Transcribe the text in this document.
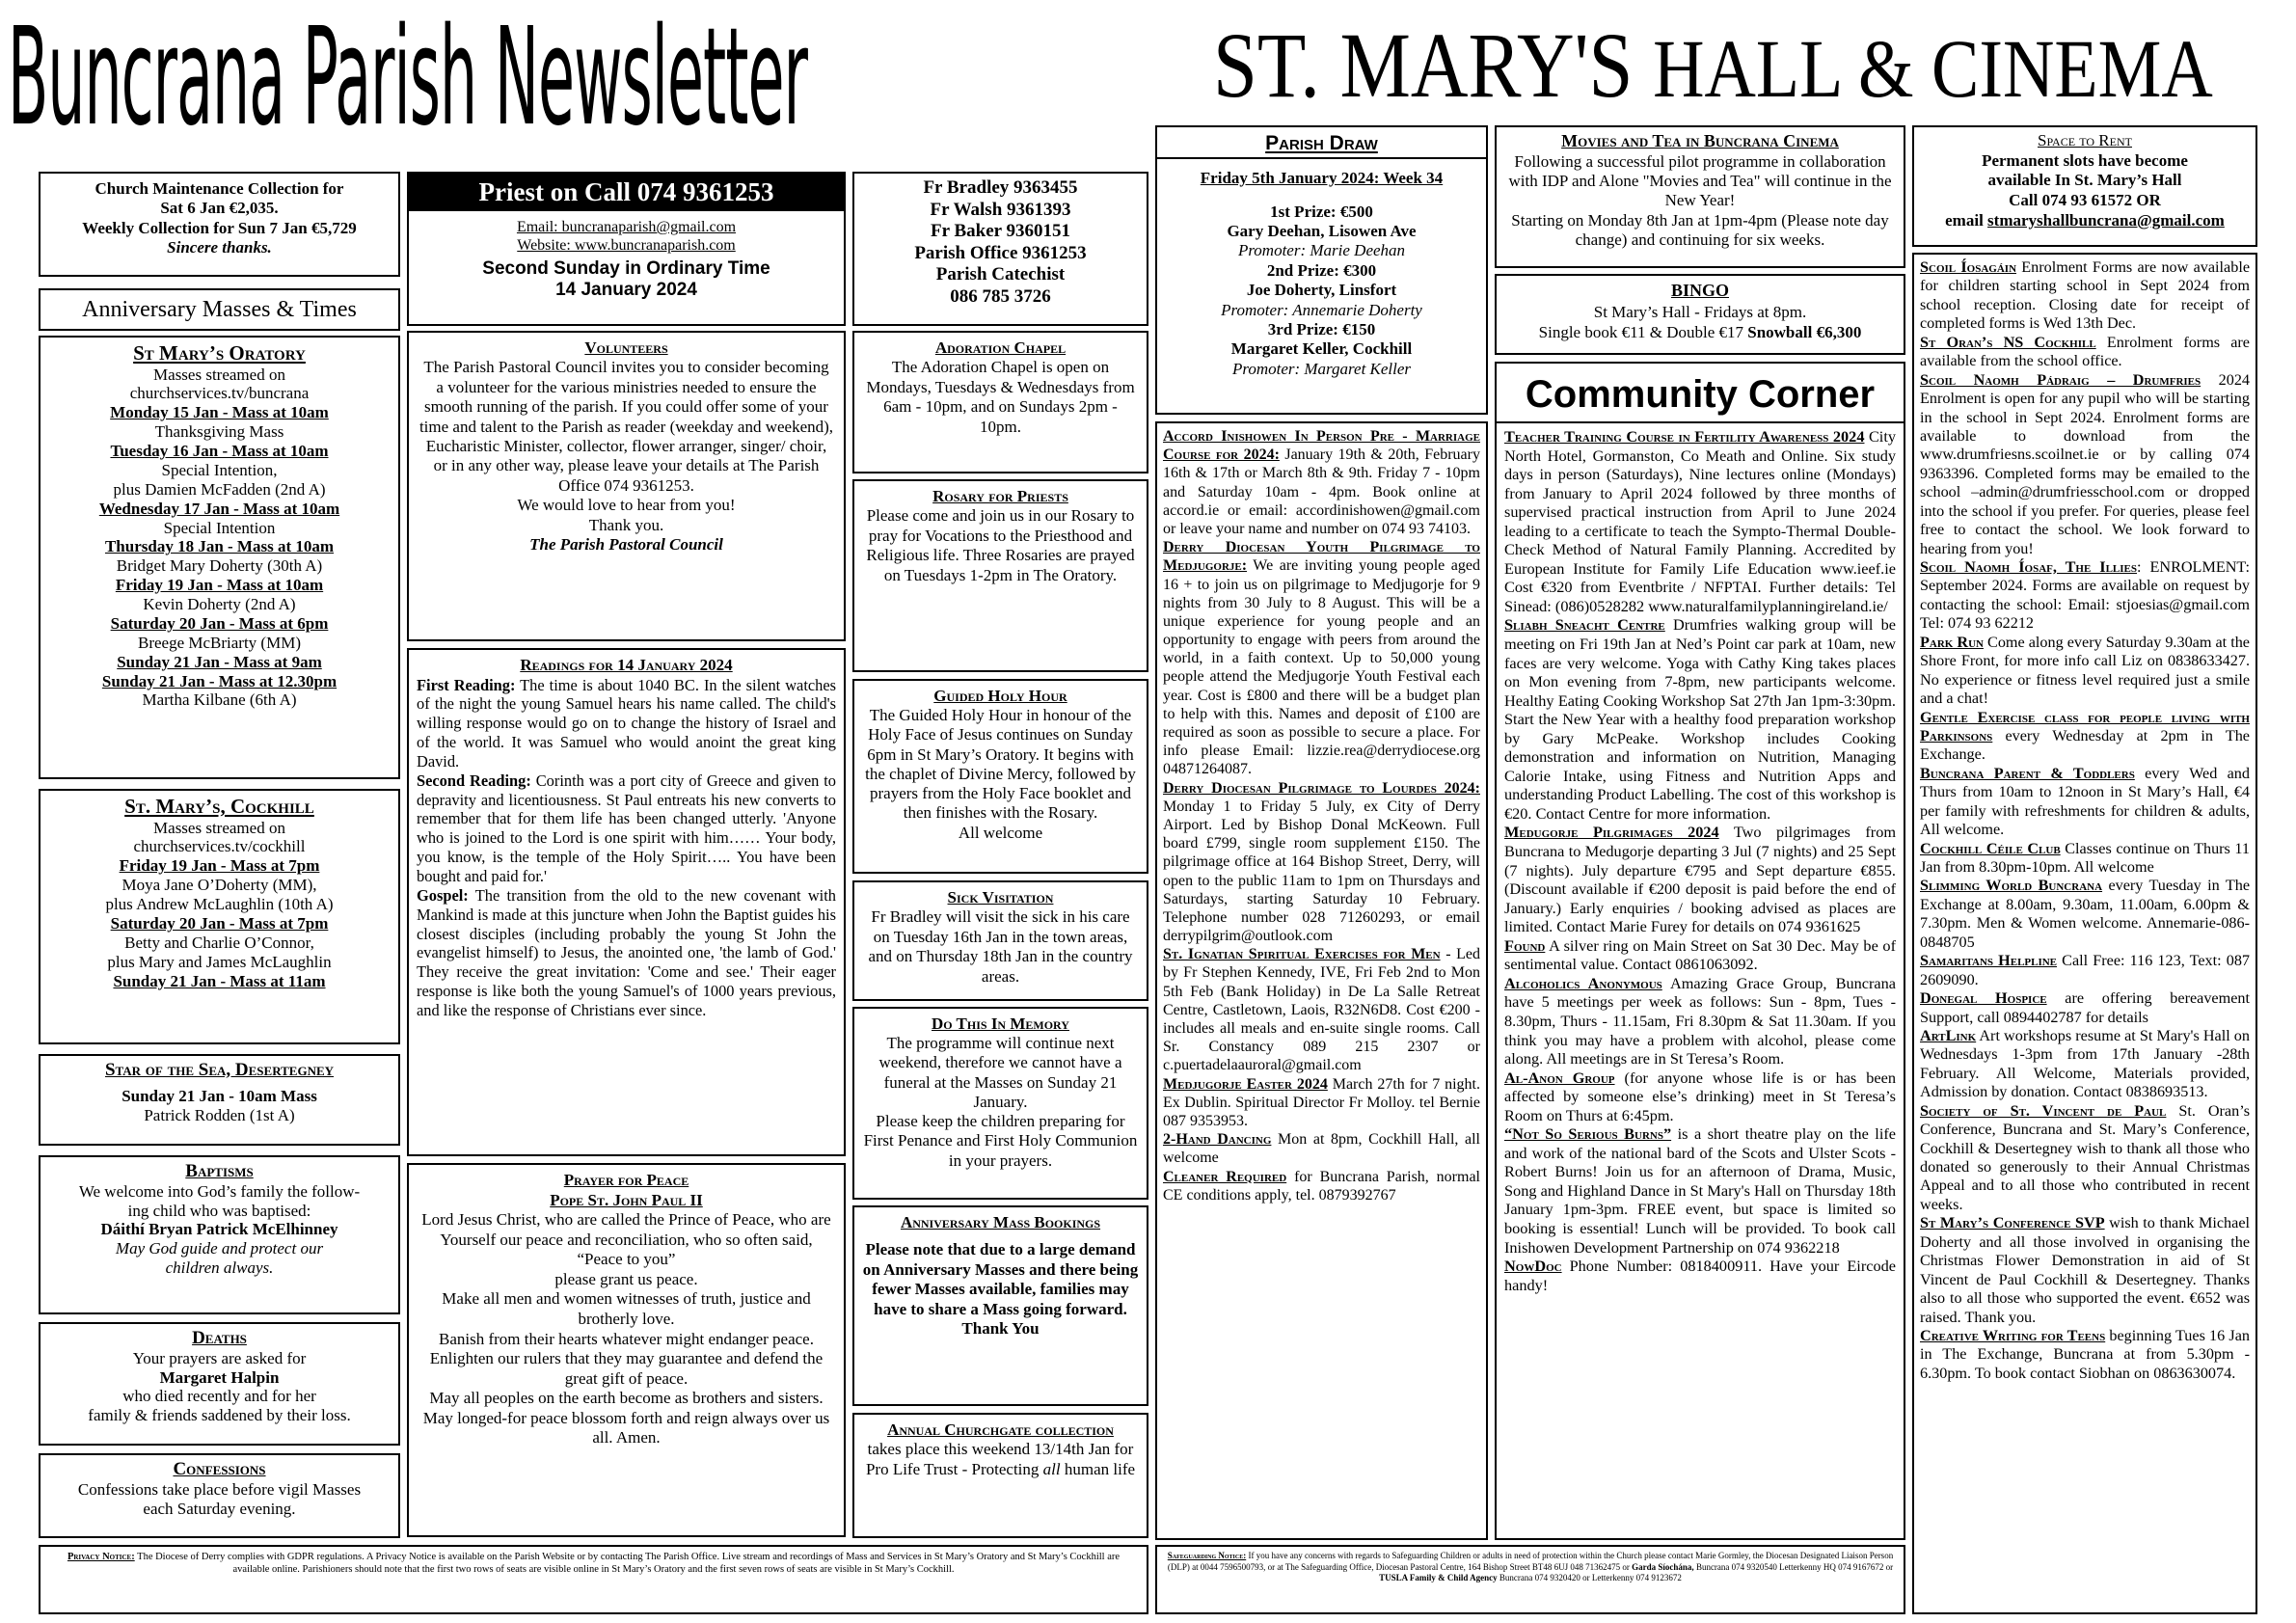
Buncrana Parish Newsletter	ST. MARY'S HALL & CINEMA
Church Maintenance Collection for
Sat 6 Jan €2,035.
Weekly Collection for Sun 7 Jan €5,729
Sincere thanks.
Anniversary Masses & Times
St Mary’s Oratory
Masses streamed on
churchservices.tv/buncrana
Monday 15 Jan - Mass at 10am
Thanksgiving Mass
Tuesday 16 Jan - Mass at 10am
Special Intention,
plus Damien McFadden (2nd A)
Wednesday 17 Jan - Mass at 10am
Special Intention
Thursday 18 Jan - Mass at 10am
Bridget Mary Doherty (30th A)
Friday 19 Jan - Mass at 10am
Kevin Doherty (2nd A)
Saturday 20 Jan - Mass at 6pm
Breege McBriarty (MM)
Sunday 21 Jan - Mass at 9am
Sunday 21 Jan - Mass at 12.30pm
Martha Kilbane (6th A)
St. Mary’s, Cockhill
Masses streamed on
churchservices.tv/cockhill
Friday 19 Jan - Mass at 7pm
Moya Jane O’Doherty (MM),
plus Andrew McLaughlin (10th A)
Saturday 20 Jan - Mass at 7pm
Betty and Charlie O’Connor,
plus Mary and James McLaughlin
Sunday 21 Jan - Mass at 11am
Star of the Sea, Desertegney
Sunday 21 Jan - 10am Mass
Patrick Rodden (1st A)
Baptisms
We welcome into God’s family the follow-
ing child who was baptised:
Dáithí Bryan Patrick McElhinney
May God guide and protect our
children always.
Deaths
Your prayers are asked for
Margaret Halpin
who died recently and for her
family & friends saddened by their loss.
Confessions
Confessions take place before vigil Masses
each Saturday evening.
Priest on Call 074 9361253
Email: buncranaparish@gmail.com
Website: www.buncranaparish.com
Second Sunday in Ordinary Time
14 January 2024
Volunteers

The Parish Pastoral Council invites you to consider becoming a volunteer for the various ministries needed to ensure the smooth running of the parish. If you could offer some of your time and talent to the Parish as reader (weekday and weekend), Eucharistic Minister, collector, flower arranger, singer/ choir, or in any other way, please leave your details at The Parish Office 074 9361253.

We would love to hear from you!
Thank you.
The Parish Pastoral Council
Readings for 14 January 2024

First Reading: The time is about 1040 BC. In the silent watches of the night the young Samuel hears his name called. The child's willing response would go on to change the history of Israel and of the world. It was Samuel who would anoint the great king David.

Second Reading: Corinth was a port city of Greece and given to depravity and licentiousness. St Paul entreats his new converts to remember that for them life has been changed utterly. 'Anyone who is joined to the Lord is one spirit with him…… Your body, you know, is the temple of the Holy Spirit….. You have been bought and paid for.'

Gospel: The transition from the old to the new covenant with Mankind is made at this juncture when John the Baptist guides his closest disciples (including probably the young St John the evangelist himself) to Jesus, the anointed one, 'the lamb of God.' They receive the great invitation: 'Come and see.' Their eager response is like both the young Samuel's of 1000 years previous, and like the response of Christians ever since.

Prayer for Peace
Pope St. John Paul II

Lord Jesus Christ, who are called the Prince of Peace, who are Yourself our peace and reconciliation, who so often said, “Peace to you”

please grant us peace.

Make all men and women witnesses of truth, justice and brotherly love.

Banish from their hearts whatever might endanger peace.

Enlighten our rulers that they may guarantee and defend the great gift of peace.

May all peoples on the earth become as brothers and sisters.

May longed-for peace blossom forth and reign always over us all. Amen.

Fr Bradley 9363455
Fr Walsh 9361393
Fr Baker 9360151
Parish Office 9361253
Parish Catechist
086 785 3726
Adoration Chapel

The Adoration Chapel is open on Mondays, Tuesdays & Wednesdays from 6am - 10pm, and on Sundays 2pm - 10pm.

Rosary for Priests

Please come and join us in our Rosary to pray for Vocations to the Priesthood and Religious life. Three Rosaries are prayed on Tuesdays 1-2pm in The Oratory.

Guided Holy Hour

The Guided Holy Hour in honour of the Holy Face of Jesus continues on Sunday 6pm in St Mary’s Oratory. It begins with the chaplet of Divine Mercy, followed by prayers from the Holy Face booklet and then finishes with the Rosary.

All welcome
Sick Visitation

Fr Bradley will visit the sick in his care on Tuesday 16th Jan in the town areas, and on Thursday 18th Jan in the country areas.

Do This In Memory

The programme will continue next weekend, therefore we cannot have a funeral at the Masses on Sunday 21 January.

Please keep the children preparing for First Penance and First Holy Communion in your prayers.

Anniversary Mass Bookings

Please note that due to a large demand on Anniversary Masses and there being fewer Masses available, families may have to share a Mass going forward.

Thank You
Annual Churchgate collection

takes place this weekend 13/14th Jan for Pro Life Trust - Protecting all human life

Privacy Notice: The Diocese of Derry complies with GDPR regulations. A Privacy Notice is available on the Parish Website or by contacting The Parish Office. Live stream and recordings of Mass and Services in St Mary’s Oratory and St Mary’s Cockhill are available online. Parishioners should note that the first two rows of seats are visible online in St Mary’s Oratory and the first seven rows of seats are visible in St Mary’s Cockhill.
Parish Draw
Friday 5th January 2024: Week 34
1st Prize: €500
Gary Deehan, Lisowen Ave
Promoter: Marie Deehan
2nd Prize: €300
Joe Doherty, Linsfort
Promoter: Annemarie Doherty
3rd Prize: €150
Margaret Keller, Cockhill
Promoter: Margaret Keller

Accord Inishowen In Person Pre - Marriage Course for 2024: January 19th & 20th, February 16th & 17th or March 8th & 9th. Friday 7 - 10pm and Saturday 10am - 4pm. Book online at accord.ie or email: accordinishowen@gmail.com or leave your name and number on 074 93 74103.

Derry Diocesan Youth Pilgrimage to Medjugorje: We are inviting young people aged 16 + to join us on pilgrimage to Medjugorje for 9 nights from 30 July to 8 August. This will be a unique experience for young people and an opportunity to engage with peers from around the world, in a faith context. Up to 50,000 young people attend the Medjugorje Youth Festival each year. Cost is £800 and there will be a budget plan to help with this. Names and deposit of £100 are required as soon as possible to secure a place. For info please Email: lizzie.rea@derrydiocese.org 04871264087.

Derry Diocesan Pilgrimage to Lourdes 2024: Monday 1 to Friday 5 July, ex City of Derry Airport. Led by Bishop Donal McKeown. Full board £799, single room supplement £150. The pilgrimage office at 164 Bishop Street, Derry, will open to the public 11am to 1pm on Thursdays and Saturdays, starting Saturday 10 February. Telephone number 028 71260293, or email derrypilgrim@outlook.com

St. Ignatian Spiritual Exercises for Men - Led by Fr Stephen Kennedy, IVE, Fri Feb 2nd to Mon 5th Feb (Bank Holiday) in De La Salle Retreat Centre, Castletown, Laois, R32N6D8. Cost €200 - includes all meals and en-suite single rooms. Call Sr. Constancy 089 215 2307 or c.puertadelaauroral@gmail.com

Medjugorje Easter 2024 March 27th for 7 night. Ex Dublin. Spiritual Director Fr Molloy. tel Bernie 087 9353953.

2-Hand Dancing Mon at 8pm, Cockhill Hall, all welcome

Cleaner Required for Buncrana Parish, normal CE conditions apply, tel. 0879392767

Safeguarding Notice: If you have any concerns with regards to Safeguarding Children or adults in need of protection within the Church please contact Marie Gormley, the Diocesan Designated Liaison Person (DLP) at 0044 7596500793, or at The Safeguarding Office, Diocesan Pastoral Centre, 164 Bishop Street BT48 6UJ 048 71362475 or Garda Síochána, Buncrana 074 9320540 Letterkenny HQ 074 9167672 or TUSLA Family & Child Agency Buncrana 074 9320420 or Letterkenny 074 9123672
Movies and Tea in Buncrana Cinema

Following a successful pilot programme in collaboration with IDP and Alone "Movies and Tea" will continue in the New Year!

Starting on Monday 8th Jan at 1pm-4pm (Please note day change) and continuing for six weeks.

BINGO
St Mary’s Hall - Fridays at 8pm.
Single book €11 & Double €17 Snowball €6,300
Community Corner

Teacher Training Course in Fertility Awareness 2024 City North Hotel, Gormanston, Co Meath and Online. Six study days in person (Saturdays), Nine lectures online (Mondays) from January to April 2024 followed by three months of supervised practical instruction from April to June 2024 leading to a certificate to teach the Sympto-Thermal Double-Check Method of Natural Family Planning. Accredited by European Institute for Family Life Education www.ieef.ie Cost €320 from Eventbrite / NFPTAI. Further details: Tel Sinead: (086)0528282 www.naturalfamilyplanningireland.ie/

Sliabh Sneacht Centre Drumfries walking group will be meeting on Fri 19th Jan at Ned’s Point car park at 10am, new faces are very welcome. Yoga with Cathy King takes places on Mon evening from 7-8pm, new participants welcome. Healthy Eating Cooking Workshop Sat 27th Jan 1pm-3:30pm. Start the New Year with a healthy food preparation workshop by Gary McPeake. Workshop includes Cooking demonstration and information on Nutrition, Managing Calorie Intake, using Fitness and Nutrition Apps and understanding Product Labelling. The cost of this workshop is €20. Contact Centre for more information.

Medugorje Pilgrimages 2024 Two pilgrimages from Buncrana to Medugorje departing 3 Jul (7 nights) and 25 Sept (7 nights). July departure €795 and Sept departure €855. (Discount available if €200 deposit is paid before the end of January.) Early enquiries / booking advised as places are limited. Contact Marie Furey for details on 074 9361625

Found A silver ring on Main Street on Sat 30 Dec. May be of sentimental value. Contact 0861063092.

Alcoholics Anonymous Amazing Grace Group, Buncrana have 5 meetings per week as follows: Sun - 8pm, Tues - 8.30pm, Thurs - 11.15am, Fri 8.30pm & Sat 11.30am. If you think you may have a problem with alcohol, please come along. All meetings are in St Teresa’s Room.

Al-Anon Group (for anyone whose life is or has been affected by someone else’s drinking) meet in St Teresa’s Room on Thurs at 6:45pm.

“Not So Serious Burns” is a short theatre play on the life and work of the national bard of the Scots and Ulster Scots - Robert Burns! Join us for an afternoon of Drama, Music, Song and Highland Dance in St Mary's Hall on Thursday 18th January 1pm-3pm. FREE event, but space is limited so booking is essential! Lunch will be provided. To book call Inishowen Development Partnership on 074 9362218

NowDoc Phone Number: 0818400911. Have your Eircode handy!

Space to Rent
Permanent slots have become
available In St. Mary’s Hall
Call 074 93 61572 OR
email stmaryshallbuncrana@gmail.com

Scoil Íosagáin Enrolment Forms are now available for children starting school in Sept 2024 from school reception. Closing date for receipt of completed forms is Wed 13th Dec.

St Oran’s NS Cockhill Enrolment forms are available from the school office.

Scoil Naomh Pádraig – Drumfries 2024 Enrolment is open for any pupil who will be starting in the school in Sept 2024. Enrolment forms are available to download from the www.drumfriesns.scoilnet.ie or by calling 074 9363396. Completed forms may be emailed to the school –admin@drumfriesschool.com or dropped into the school if you prefer. For queries, please feel free to contact the school. We look forward to hearing from you!

Scoil Naomh Íosaf, The Illies: ENROLMENT: September 2024. Forms are available on request by contacting the school: Email: stjoesias@gmail.com Tel: 074 93 62212

Park Run Come along every Saturday 9.30am at the Shore Front, for more info call Liz on 0838633427. No experience or fitness level required just a smile and a chat!

Gentle Exercise class for people living with Parkinsons every Wednesday at 2pm in The Exchange.

Buncrana Parent & Toddlers every Wed and Thurs from 10am to 12noon in St Mary’s Hall, €4 per family with refreshments for children & adults, All welcome.

Cockhill Céile Club Classes continue on Thurs 11 Jan from 8.30pm-10pm. All welcome

Slimming World Buncrana every Tuesday in The Exchange at 8.00am, 9.30am, 11.00am, 6.00pm & 7.30pm. Men & Women welcome. Annemarie-086-0848705

Samaritans Helpline Call Free: 116 123, Text: 087 2609090.

Donegal Hospice are offering bereavement Support, call 0894402787 for details

ArtLink Art workshops resume at St Mary's Hall on Wednesdays 1-3pm from 17th January -28th February. All Welcome, Materials provided, Admission by donation. Contact 0838693513.

Society of St. Vincent de Paul St. Oran’s Conference, Buncrana and St. Mary’s Conference, Cockhill & Desertegney wish to thank all those who donated so generously to their Annual Christmas Appeal and to all those who contributed in recent weeks.

St Mary’s Conference SVP wish to thank Michael Doherty and all those involved in organising the Christmas Flower Demonstration in aid of St Vincent de Paul Cockhill & Desertegney. Thanks also to all those who supported the event. €652 was raised. Thank you.

Creative Writing for Teens beginning Tues 16 Jan in The Exchange, Buncrana at from 5.30pm - 6.30pm. To book contact Siobhan on 0863630074.
